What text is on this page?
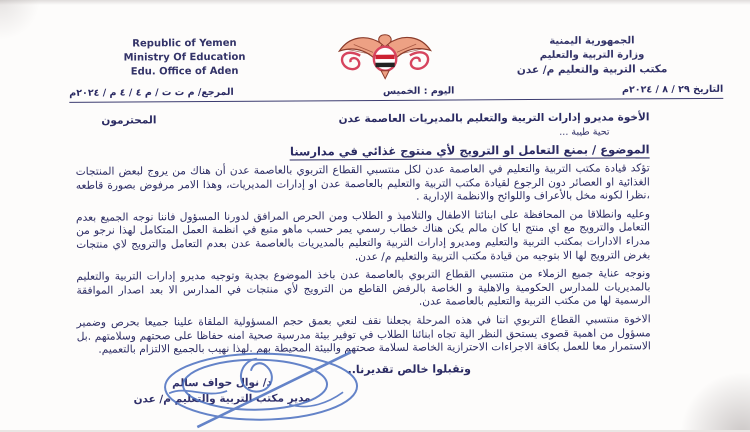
Republic of Yemen
Ministry Of Education
Edu. Office of Aden
الجمهورية اليمنية
وزارة التربية والتعليم
مكتب التربية والتعليم م/ عدن
التاريخ ٢٩ / ٨ / ٢٠٢٤م
اليوم : الخميس
المرجع/ م ت ت / م ٤ / ٤ م / ٢٠٢٤م
الأخوة مديرو إدارات التربية والتعليم بالمديريات العاصمة عدن
المحترمون
تحية طيبة ...
الموضوع / بمنع التعامل او الترويج لأي منتوج غذائي في مدارسنا

تؤكد قيادة مكتب التربية والتعليم في العاصمة عدن لكل منتسبي القطاع التربوي بالعاصمة عدن أن هناك من يروج لبعض المنتجات الغذائية او العصائر دون الرجوع لقيادة مكتب التربية والتعليم بالعاصمة عدن او إدارات المديريات، وهذا الامر مرفوض بصورة قاطعه ،نظرا لكونه مخل بالأعراف واللوائح والانظمة الإدارية .

وعليه وانطلاقا من المحافظة على ابنائنا الاطفال والتلاميذ و الطلاب ومن الحرص المرافق لدورنا المسؤول فاننا نوجه الجميع بعدم التعامل والترويج مع اي منتج ايا كان مالم يكن هناك خطاب رسمي يمر حسب ماهو متبع في انظمة العمل المتكامل لهذا نرجو من مدراء الادارات بمكتب التربية والتعليم ومديرو إدارات التربية والتعليم بالمديريات بالعاصمة عدن بعدم التعامل والترويج لاي منتجات بغرض الترويج لها الا بتوجيه من قيادة مكتب التربية والتعليم م/ عدن.

ونوجه عناية جميع الزملاء من منتسبي القطاع التربوي بالعاصمة عدن باخذ الموضوع بجدية وتوجيه مديرو إدارات التربية والتعليم بالمديريات للمدارس الحكومية والاهلية و الخاصة بالرفض القاطع من الترويج لأي منتجات في المدارس الا بعد اصدار الموافقة الرسمية لها من مكتب التربية والتعليم بالعاصمة عدن.

الاخوة منتسبي القطاع التربوي اننا في هذه المرحلة بجعلنا نقف لنعي بعمق حجم المسؤولية الملقاة علينا جميعا بحرص وضمير مسؤول من اهمية قصوى يستحق النظر الية تجاه ابنائنا الطلاب في توفير بيئة مدرسية صحية امنه حفاظا على صحتهم وسلامتهم .بل الاستمرار معا للعمل بكافة الاجراءات الاحترازية الخاصة لسلامة صحتهم والبيئة المحيطة بهم .لهذا نهيب بالجميع الالتزام بالتعميم.

وتقبلوا خالص تقديرنا..
د/ نوال حواف سالم
مدير مكتب التربية والتعليم م/ عدن
